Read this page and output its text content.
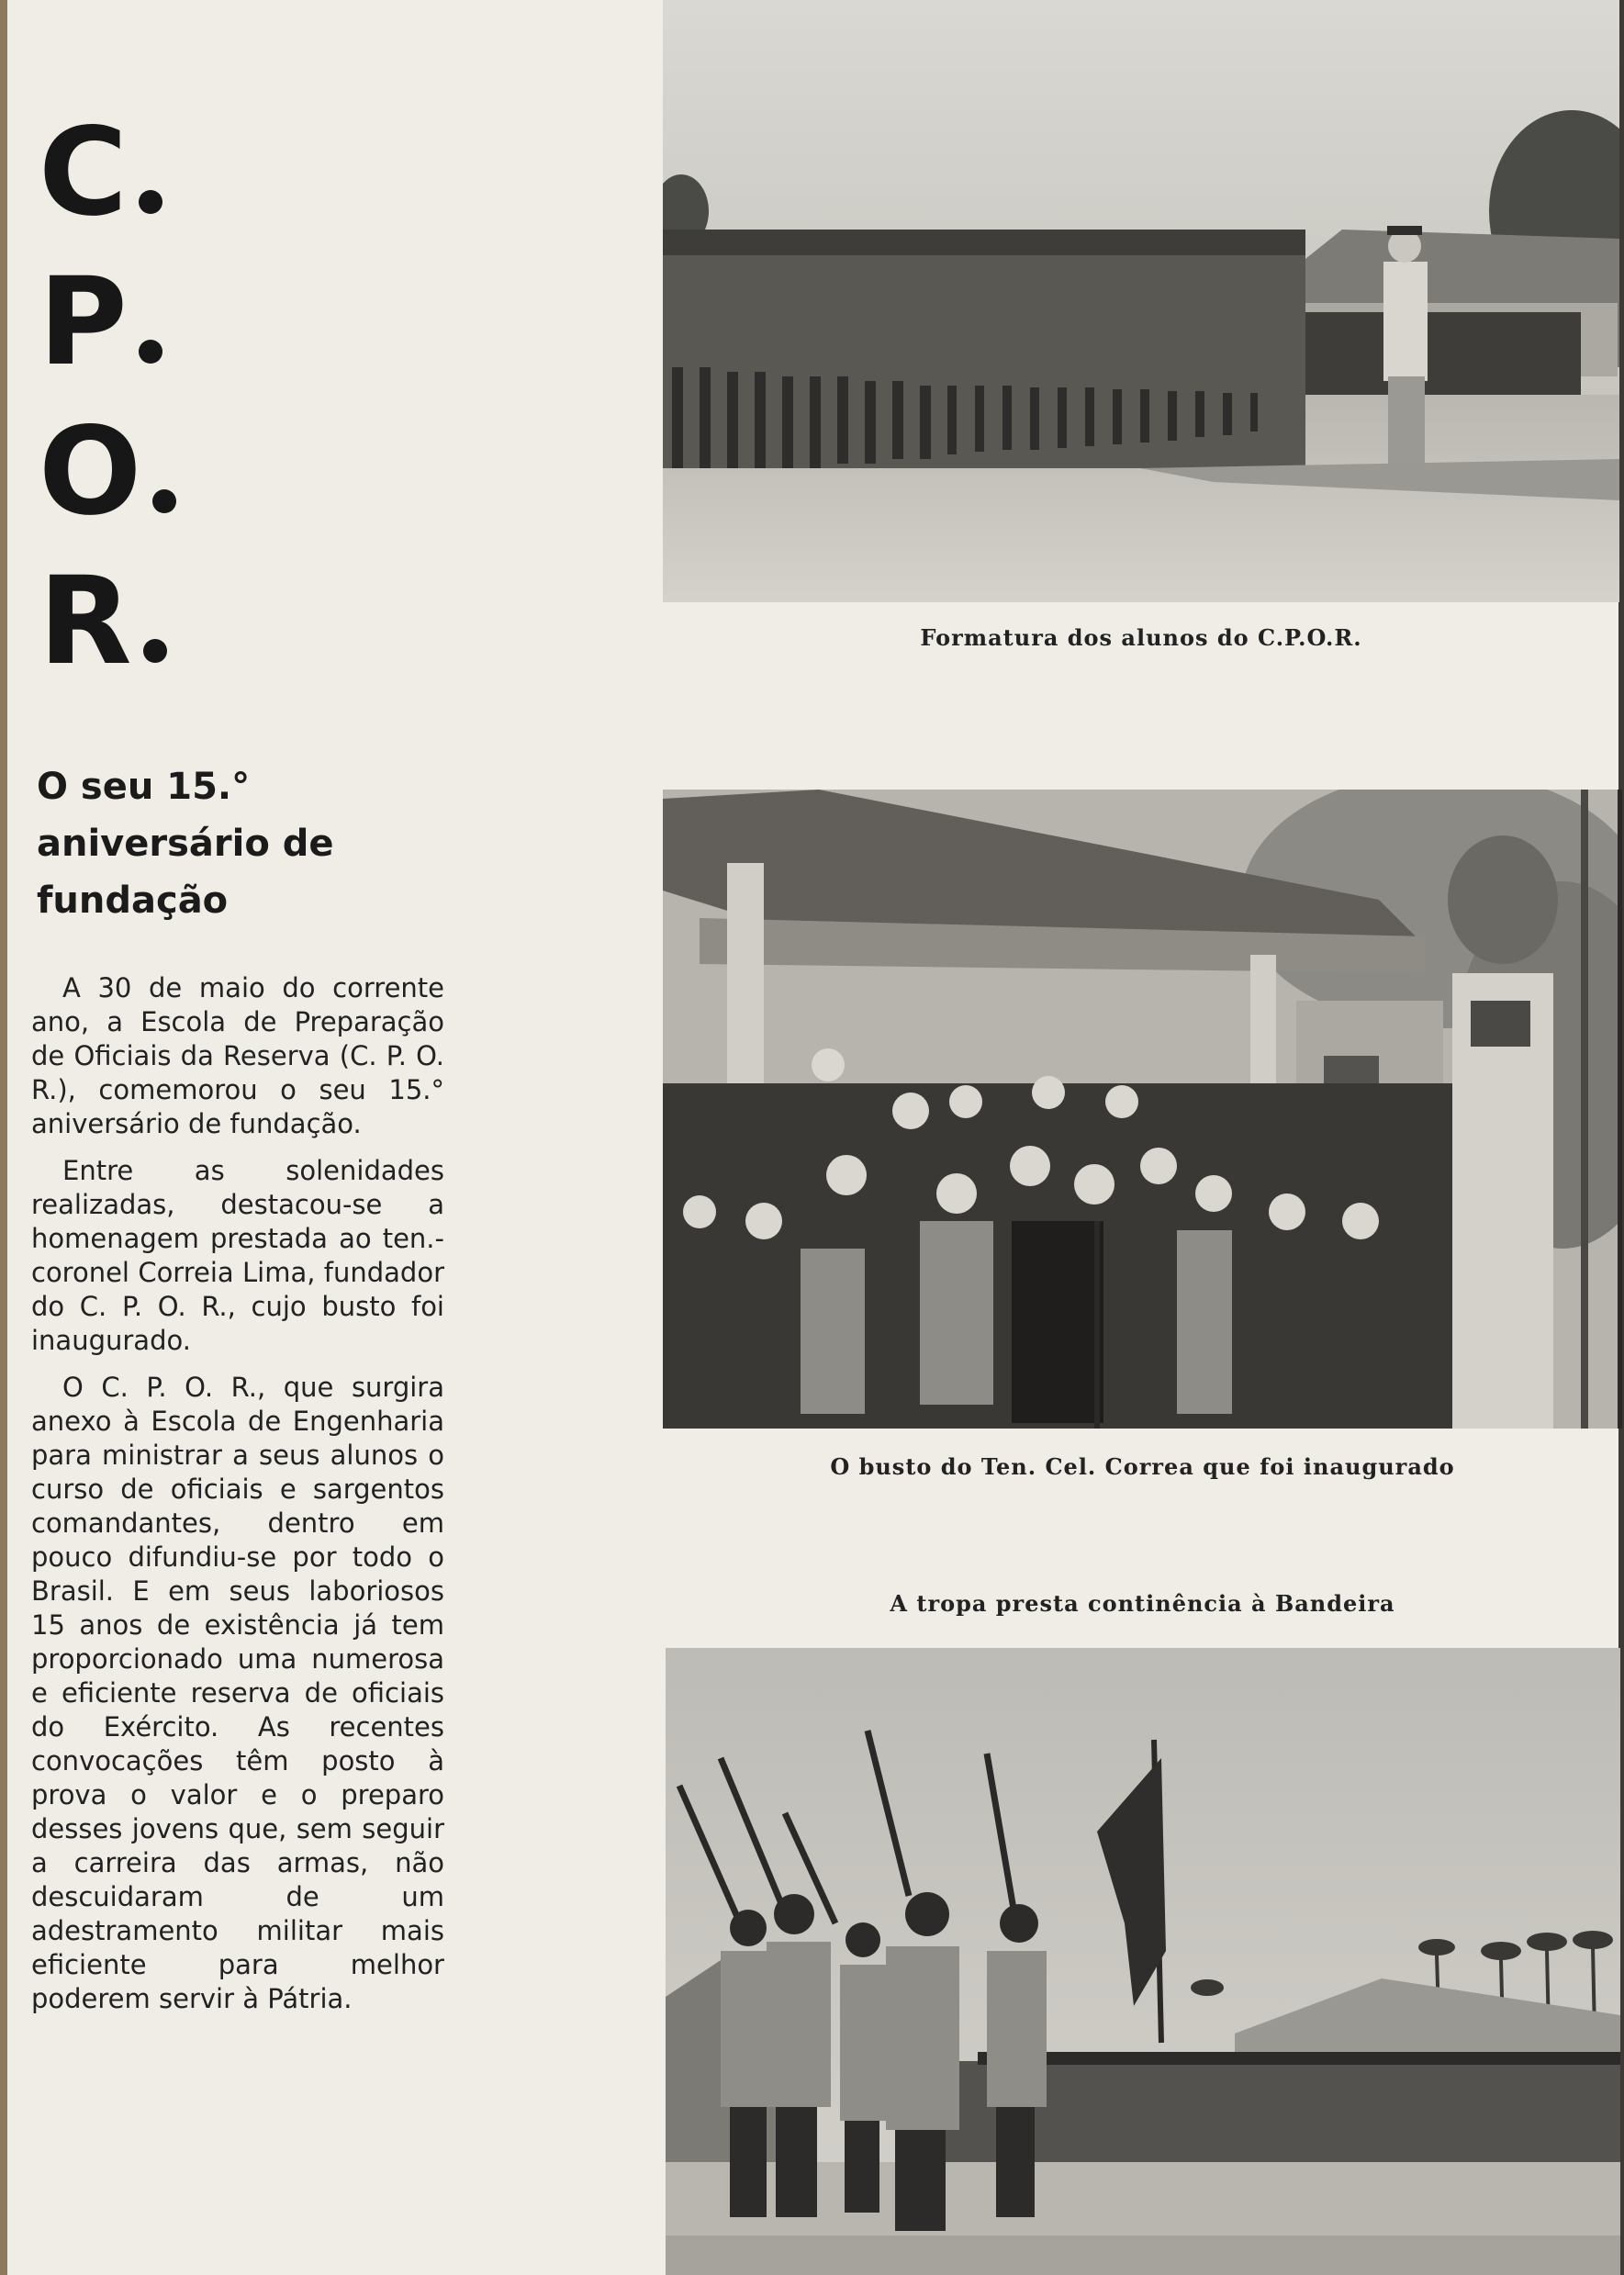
C
P
O
R
O seu 15.° aniversário de fundação

A 30 de maio do corrente ano, a Escola de Preparação de Oficiais da Reserva (C. P. O. R.), comemorou o seu 15.° aniversário de fundação.

Entre as solenidades realizadas, destacou-se a homenagem prestada ao ten.-coronel Correia Lima, fundador do C. P. O. R., cujo busto foi inaugurado.

O C. P. O. R., que surgira anexo à Escola de Engenharia para ministrar a seus alunos o curso de oficiais e sargentos comandantes, dentro em pouco difundiu-se por todo o Brasil. E em seus laboriosos 15 anos de existência já tem proporcionado uma numerosa e eficiente reserva de oficiais do Exército. As recentes convocações têm posto à prova o valor e o preparo desses jovens que, sem seguir a carreira das armas, não descuidaram de um adestramento militar mais eficiente para melhor poderem servir à Pátria.

Formatura dos alunos do C.P.O.R.
O busto do Ten. Cel. Correa que foi inaugurado
A tropa presta continência à Bandeira
